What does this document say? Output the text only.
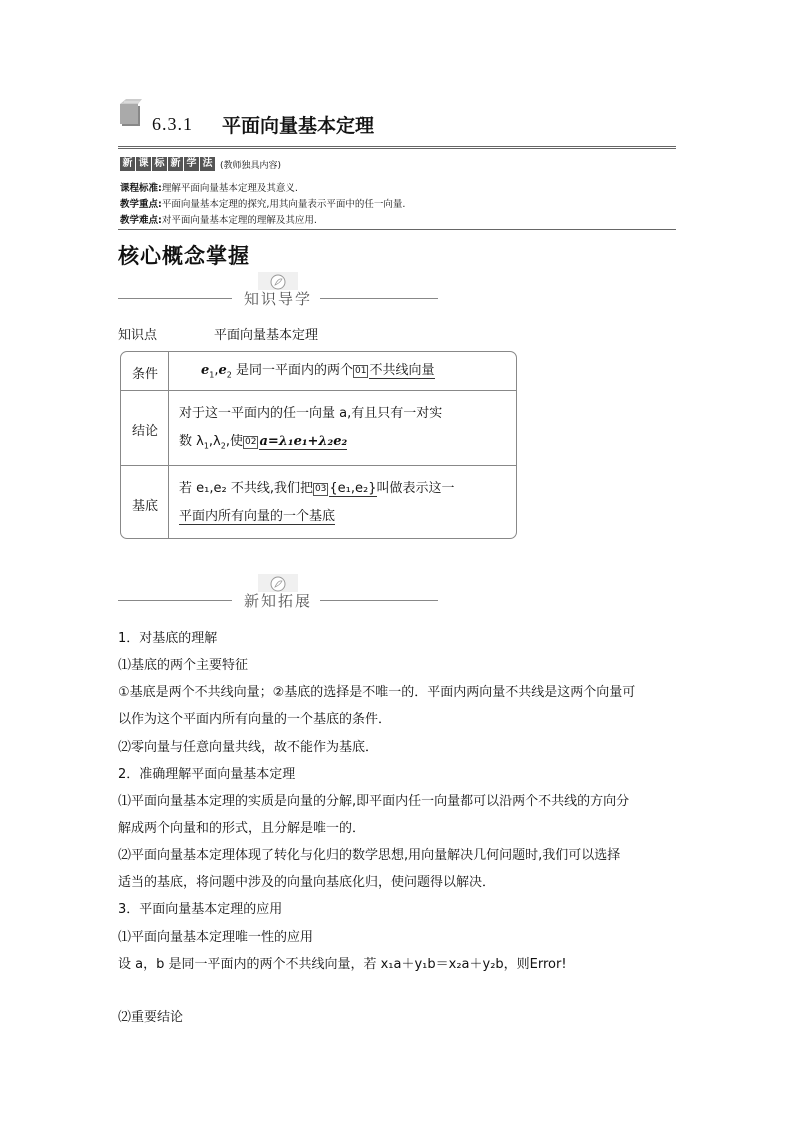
6.3.1 平面向量基本定理
新 课 标 新 学 法 (教师独具内容)
课程标准:理解平面向量基本定理及其意义.
教学重点:平面向量基本定理的探究,用其向量表示平面中的任一向量.
教学难点:对平面向量基本定理的理解及其应用.
核心概念掌握
知识导学
知识点	平面向量基本定理
条件	$e_1,e_2$ 是同一平面内的两个 01 不共线向量
结论
对于这一平面内的任一向量 a,有且只有一对实
数 $\lambda_1,\lambda_2$,使 02 a=λ₁e₁+λ₂e₂
基底
若 e₁,e₂ 不共线,我们把 03 {e₁,e₂}叫做表示这一
平面内所有向量的一个基底
新知拓展
1．对基底的理解
⑴基底的两个主要特征
①基底是两个不共线向量；②基底的选择是不唯一的．平面内两向量不共线是这两个向量可
以作为这个平面内所有向量的一个基底的条件．
⑵零向量与任意向量共线，故不能作为基底．
2．准确理解平面向量基本定理
⑴平面向量基本定理的实质是向量的分解,即平面内任一向量都可以沿两个不共线的方向分
解成两个向量和的形式，且分解是唯一的．
⑵平面向量基本定理体现了转化与化归的数学思想,用向量解决几何问题时,我们可以选择
适当的基底，将问题中涉及的向量向基底化归，使问题得以解决．
3．平面向量基本定理的应用
⑴平面向量基本定理唯一性的应用
设 a，b 是同一平面内的两个不共线向量，若 x₁a＋y₁b＝x₂a＋y₂b，则Error!
⑵重要结论
